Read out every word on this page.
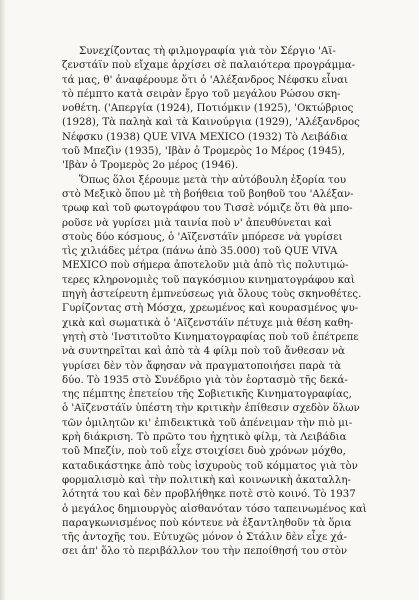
Συνεχίζοντας τὴ φιλμογραφία γιὰ τὸν Σέργιο 'Αϊ-
ζενστάϊν ποὺ εἴχαμε ἀρχίσει σὲ παλαιότερα προγράμμα-
τά μας, θ' ἀναφέρουμε ὅτι ὁ 'Αλέξανδρος Νέφσκυ εἶναι
τὸ πέμπτο κατὰ σειρὰν ἔργο τοῦ μεγάλου Ρώσου σκη-
νοθέτη. ('Απεργία (1924), Ποτιόμκιν (1925), 'Οκτώβριος
(1928), Τὰ παληὰ καὶ τὰ Καινούργια (1929), 'Αλέξανδρος
Νέφσκυ (1938) QUE VIVA MEXICO (1932) Τὸ Λειβάδια
τοῦ Μπεζὶν (1935), 'Ιβὰν ὁ Τρομερὸς 1ο Μέρος (1945),
'Ιβὰν ὁ Τρομερὸς 2ο μέρος (1946).
Ὅπως ὅλοι ξέρουμε μετὰ τὴν αὐτόβουλη ἐξορία του
στὸ Μεξικὸ ὅπου μὲ τὴ βοήθεια τοῦ βοηθοῦ του 'Αλέξαν-
τρωφ καὶ τοῦ φωτογράφου του Τισσὲ νόμιζε ὅτι θὰ μπο-
ροῦσε νὰ γυρίσει μιὰ ταινία ποὺ ν' ἀπευθύνεται καὶ
στοὺς δύο κόσμους, ὁ 'Αϊζενστάϊν μπόρεσε νὰ γυρίσει
τὶς χιλιάδες μέτρα (πάνω ἀπὸ 35.000) τοῦ QUE VIVA
MEXICO ποὺ σήμερα ἀποτελοῦν μιὰ ἀπὸ τὶς πολυτιμώ-
τερες κληρονομιὲς τοῦ παγκόσμιου κινηματογράφου καὶ
πηγὴ ἀστείρευτη ἐμπνεύσεως γιὰ ὅλους τοὺς σκηνοθέτες.
Γυρίζοντας στὴ Μόσχα, χρεωμένος καὶ κουρασμένος ψυ-
χικὰ καὶ σωματικὰ ὁ 'Αϊζενστάϊν πέτυχε μιὰ θέση καθη-
γητὴ στὸ 'Ινστιτοῦτο Κινηματογραφίας ποὺ τοῦ ἐπέτρεπε
νὰ συντηρεῖται καὶ ἀπὸ τὰ 4 φίλμ ποὺ τοῦ ἄνθεσαν νὰ
γυρίσει δὲν τὸν ἄφησαν νὰ πραγματοποιήσει παρὰ τὰ
δύο. Τὸ 1935 στὸ Συνέδριο γιὰ τὸν ἑορτασμὸ τῆς δεκά-
της πέμπτης ἐπετείου τῆς Σοβιετικῆς Κινηματογραφίας,
ὁ 'Αϊζενστάϊν ὑπέστη τὴν κριτικὴν ἐπίθεσιν σχεδὸν ὅλων
τῶν ὁμιλητῶν κι' ἐπιδεικτικὰ τοῦ ἀπένειμαν τὴν πιὸ μι-
κρὴ διάκριση. Τὸ πρῶτο του ἠχητικὸ φίλμ, τὰ Λειβάδια
τοῦ Μπεζίν, ποὺ τοῦ εἶχε στοιχίσει δυὸ χρόνων μόχθο,
καταδικάστηκε ἀπὸ τοὺς ἰσχυροὺς τοῦ κόμματος γιὰ τὸν
φορμαλισμὸ καὶ τὴν πολιτικὴ καὶ κοινωνικὴ ἀκαταλλη-
λότητά του καὶ δὲν προβλήθηκε ποτὲ στὸ κοινό. Τὸ 1937
ὁ μεγάλος δημιουργὸς αἰσθανόταν τόσο ταπεινωμένος καὶ
παραγκωνισμένος ποὺ κόντευε νὰ ἐξαντληθοῦν τὰ ὅρια
τῆς ἀντοχῆς του. Εὐτυχῶς μόνον ὁ Στάλιν δὲν εἶχε χά-
σει ἀπ' ὅλο τὸ περιβάλλον του τὴν πεποίθησή του στὸν
